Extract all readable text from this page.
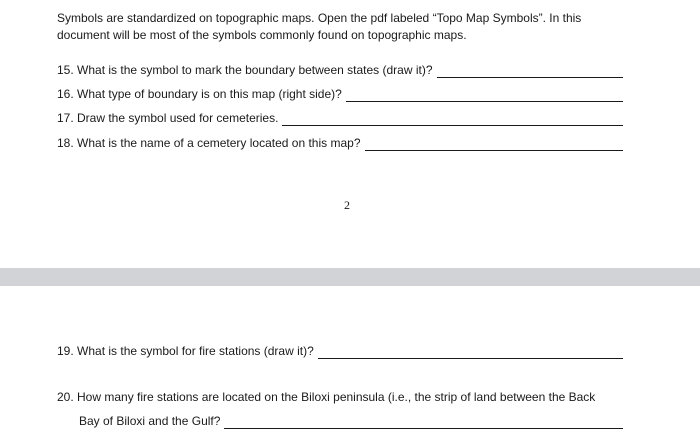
Symbols are standardized on topographic maps. Open the pdf labeled “Topo Map Symbols”. In this document will be most of the symbols commonly found on topographic maps.
15. What is the symbol to mark the boundary between states (draw it)?
16. What type of boundary is on this map (right side)?
17. Draw the symbol used for cemeteries.
18. What is the name of a cemetery located on this map?
2
19. What is the symbol for fire stations (draw it)?
20. How many fire stations are located on the Biloxi peninsula (i.e., the strip of land between the Back
Bay of Biloxi and the Gulf?
